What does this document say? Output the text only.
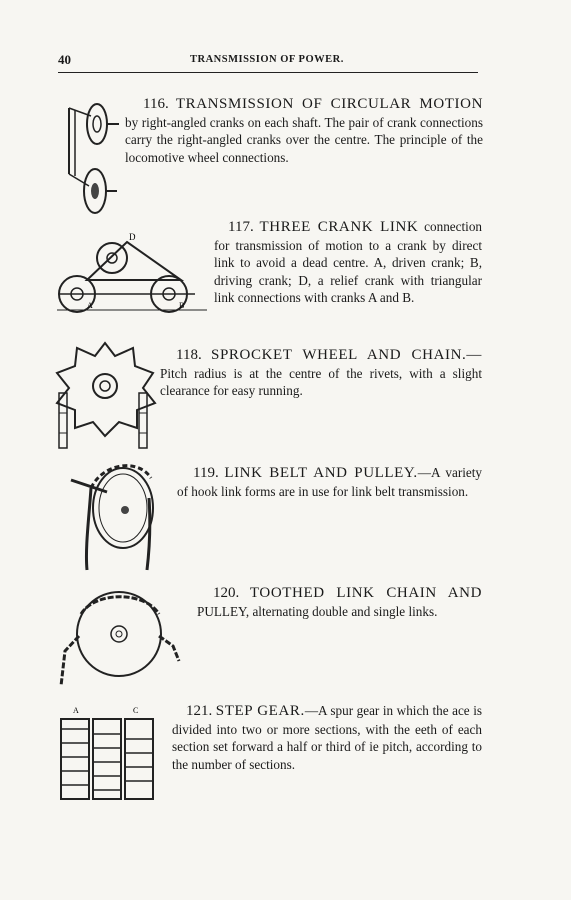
40	TRANSMISSION OF POWER.

116. TRANSMISSION OF CIRCULAR MOTION by right-angled cranks on each shaft. The pair of crank connections carry the right-angled cranks over the centre. The principle of the locomotive wheel connections.

D
A	B

117. THREE CRANK LINK connection for transmission of motion to a crank by direct link to avoid a dead centre. A, driven crank; B, driving crank; D, a relief crank with triangular link connections with cranks A and B.

118. SPROCKET WHEEL AND CHAIN.— Pitch radius is at the centre of the rivets, with a slight clearance for easy running.

119. LINK BELT AND PULLEY.—A variety of hook link forms are in use for link belt transmission.

120. TOOTHED LINK CHAIN AND PULLEY, alternating double and single links.

A	C	121. STEP GEAR.—A spur gear in which the ace is divided into two or more sections, with the eeth of each section set forward a half or third of ie pitch, according to the number of sections.
